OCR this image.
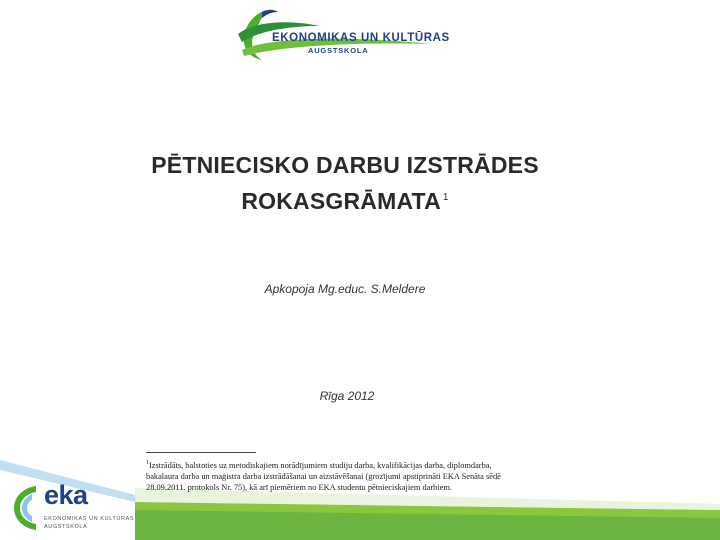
EKONOMIKAS UN KULTŪRAS
AUGSTSKOLA
PĒTNIECISKO DARBU IZSTRĀDES
ROKASGRĀMATA $^1$
Apkopoja Mg.educ. S.Meldere
Rīga 2012
$^1$Izstrādāts, balstoties uz metodiskajiem norādījumiem studiju darba, kvalifikācijas darba, diplomdarba, bakalaura darba un maģistra darba izstrādāšanai un aizstāvēšanai (grozījumi apstiprināti EKA Senāta sēdē 28.09.2011. protokols Nr. 75), kā arī piemēriem no EKA studentu pētnieciskajiem darbiem.
eka
EKONOMIKAS UN KULTŪRAS
AUGSTSKOLA
